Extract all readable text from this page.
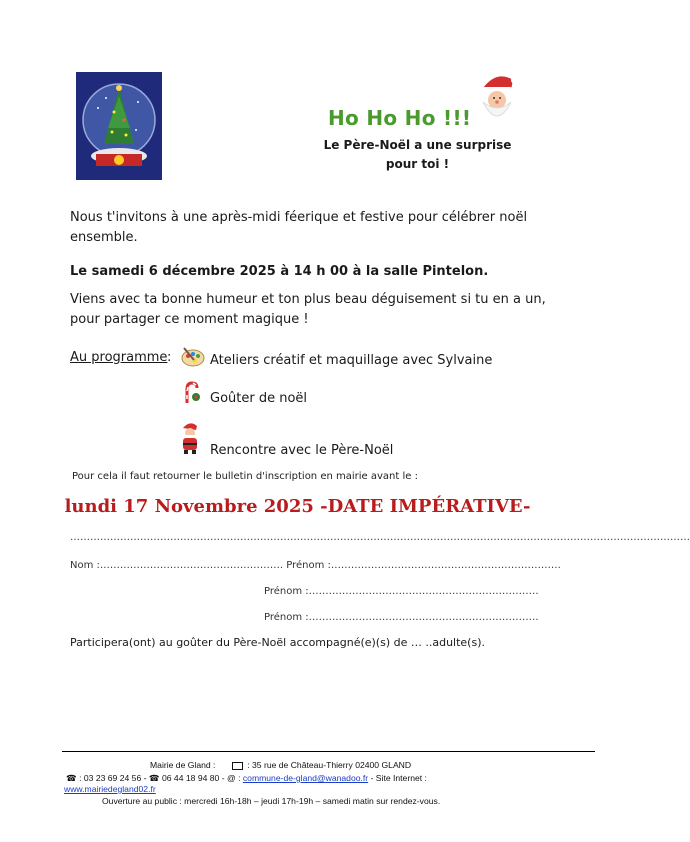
Ho Ho Ho !!!
Le Père-Noël a une surprise
pour toi !
Nous t'invitons à une après-midi féerique et festive pour célébrer noël ensemble.
Le samedi 6 décembre 2025 à 14 h 00 à la salle Pintelon.
Viens avec ta bonne humeur et ton plus beau déguisement si tu en a un, pour partager ce moment magique !
Au programme :	Ateliers créatif et maquillage avec Sylvaine
Goûter de noël
Rencontre avec le Père-Noël
Pour cela il faut retourner le bulletin d'inscription en mairie avant le :
lundi 17 Novembre 2025 -DATE IMPÉRATIVE-
……………………………………………………………………………………………………………………………………………………………………
Nom :………………………………………………. Prénom :……………………………………………………………
Prénom :……………………………………………………………
Prénom :……………………………………………………………
Participera(ont) au goûter du Père-Noël accompagné(e)(s) de … ..adulte(s).
Mairie de Gland :	: 35 rue de Château-Thierry 02400 GLAND
☎ : 03 23 69 24 56 - ☎ 06 44 18 94 80 - @ : commune-de-gland@wanadoo.fr - Site Internet :
www.mairiedegland02.fr
Ouverture au public : mercredi 16h-18h – jeudi 17h-19h – samedi matin sur rendez-vous.
